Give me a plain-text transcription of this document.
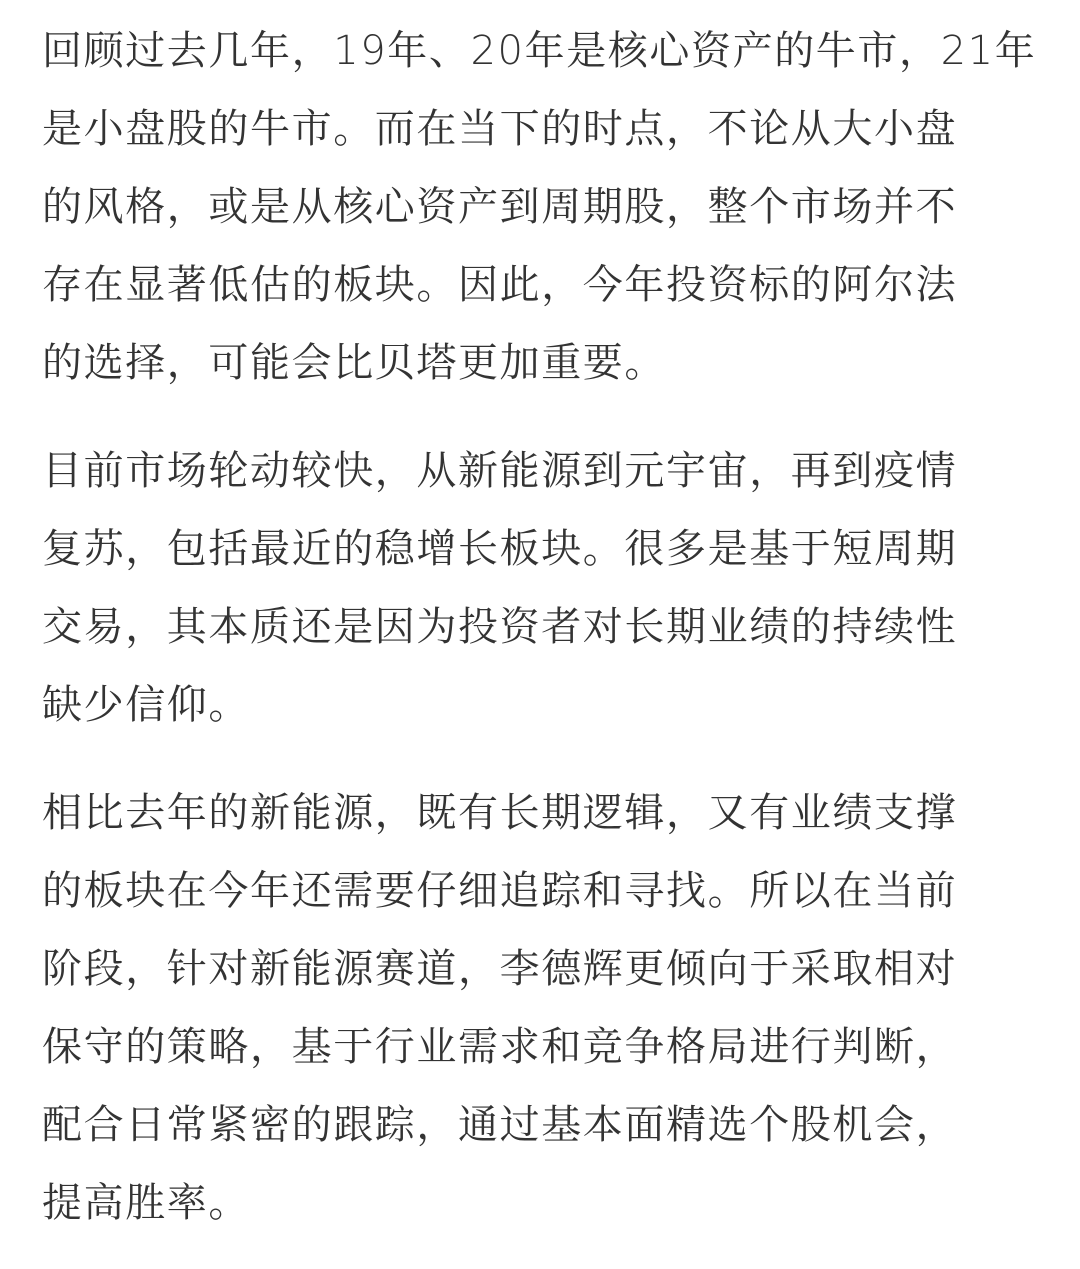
回顾过去几年，19年、20年是核心资产的牛市，21年
是小盘股的牛市。而在当下的时点，不论从大小盘
的风格，或是从核心资产到周期股，整个市场并不
存在显著低估的板块。因此，今年投资标的阿尔法
的选择，可能会比贝塔更加重要。
目前市场轮动较快，从新能源到元宇宙，再到疫情
复苏，包括最近的稳增长板块。很多是基于短周期
交易，其本质还是因为投资者对长期业绩的持续性
缺少信仰。
相比去年的新能源，既有长期逻辑，又有业绩支撑
的板块在今年还需要仔细追踪和寻找。所以在当前
阶段，针对新能源赛道，李德辉更倾向于采取相对
保守的策略，基于行业需求和竞争格局进行判断，
配合日常紧密的跟踪，通过基本面精选个股机会，
提高胜率。
